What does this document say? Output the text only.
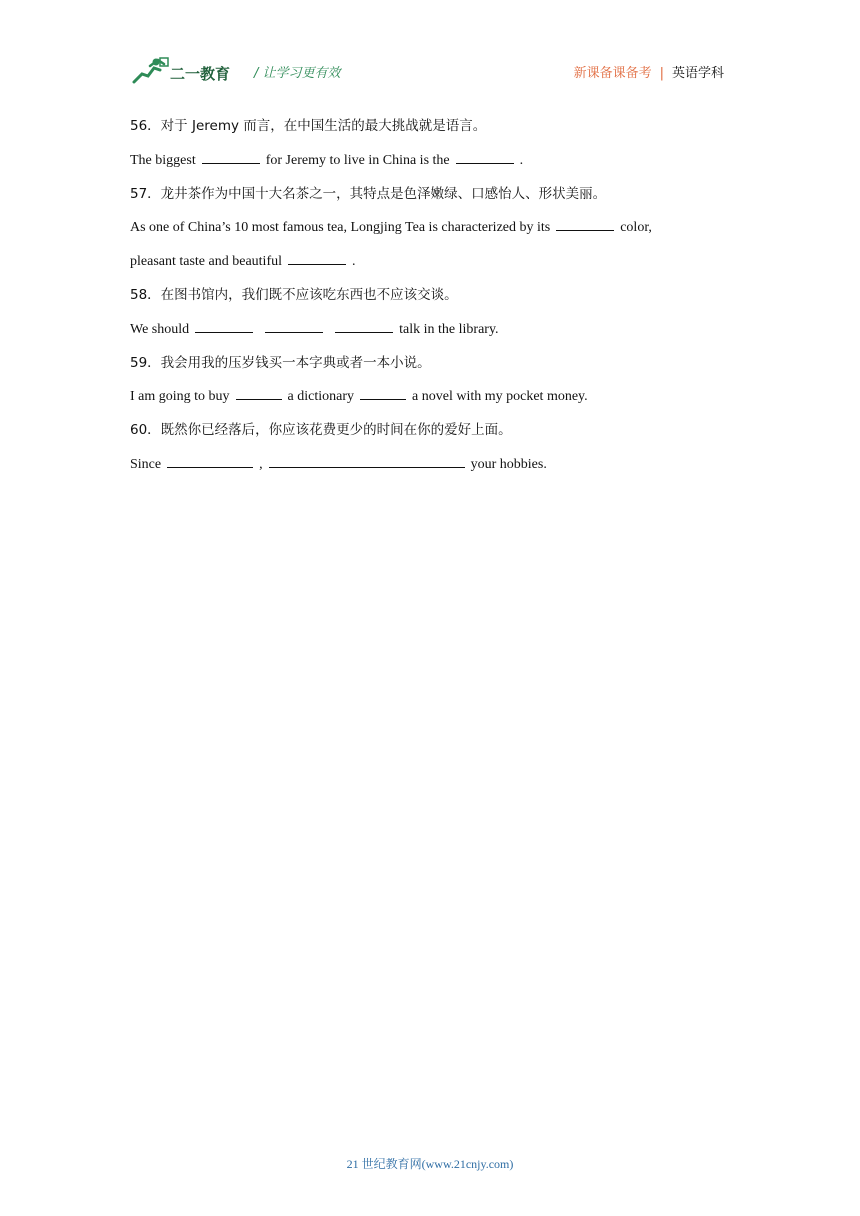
二一教育 / 让学习更有效	新课备课备考 | 英语学科
56．对于 Jeremy 而言，在中国生活的最大挑战就是语言。
The biggest	for Jeremy to live in China is the	.
57．龙井茶作为中国十大名茶之一，其特点是色泽嫩绿、口感怡人、形状美丽。
As one of China’s 10 most famous tea, Longjing Tea is characterized by its	color,
pleasant taste and beautiful	.
58．在图书馆内，我们既不应该吃东西也不应该交谈。
We should	talk in the library.
59．我会用我的压岁钱买一本字典或者一本小说。
I am going to buy	a dictionary	a novel with my pocket money.
60．既然你已经落后，你应该花费更少的时间在你的爱好上面。
Since	,	your hobbies.
21 世纪教育网(www.21cnjy.com)
